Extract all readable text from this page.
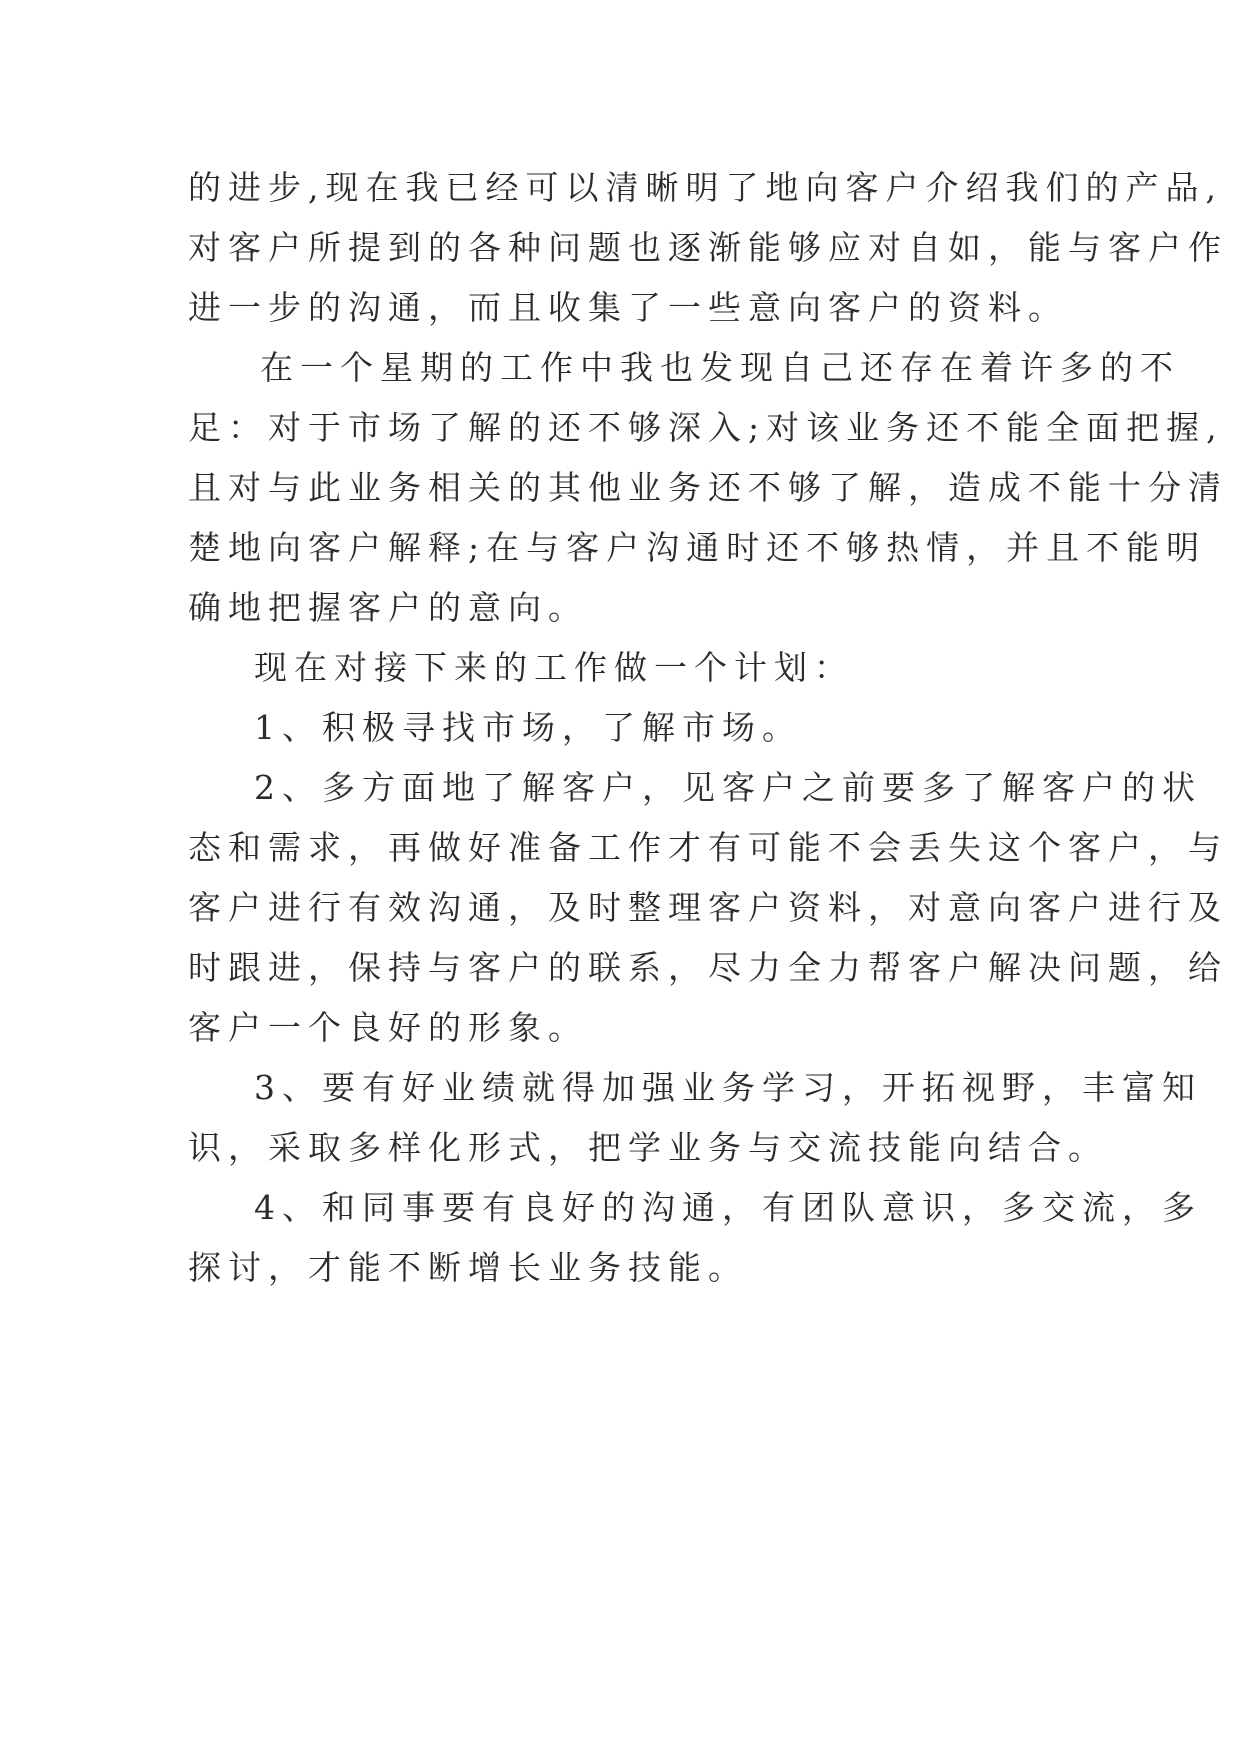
的进步,现在我已经可以清晰明了地向客户介绍我们的产品,
对客户所提到的各种问题也逐渐能够应对自如，能与客户作
进一步的沟通，而且收集了一些意向客户的资料。
在一个星期的工作中我也发现自己还存在着许多的不
足：对于市场了解的还不够深入;对该业务还不能全面把握,
且对与此业务相关的其他业务还不够了解，造成不能十分清
楚地向客户解释;在与客户沟通时还不够热情，并且不能明
确地把握客户的意向。
现在对接下来的工作做一个计划：
1、积极寻找市场，了解市场。
2、多方面地了解客户，见客户之前要多了解客户的状
态和需求，再做好准备工作才有可能不会丢失这个客户，与
客户进行有效沟通，及时整理客户资料，对意向客户进行及
时跟进，保持与客户的联系，尽力全力帮客户解决问题，给
客户一个良好的形象。
3、要有好业绩就得加强业务学习，开拓视野，丰富知
识，采取多样化形式，把学业务与交流技能向结合。
4、和同事要有良好的沟通，有团队意识，多交流，多
探讨，才能不断增长业务技能。
